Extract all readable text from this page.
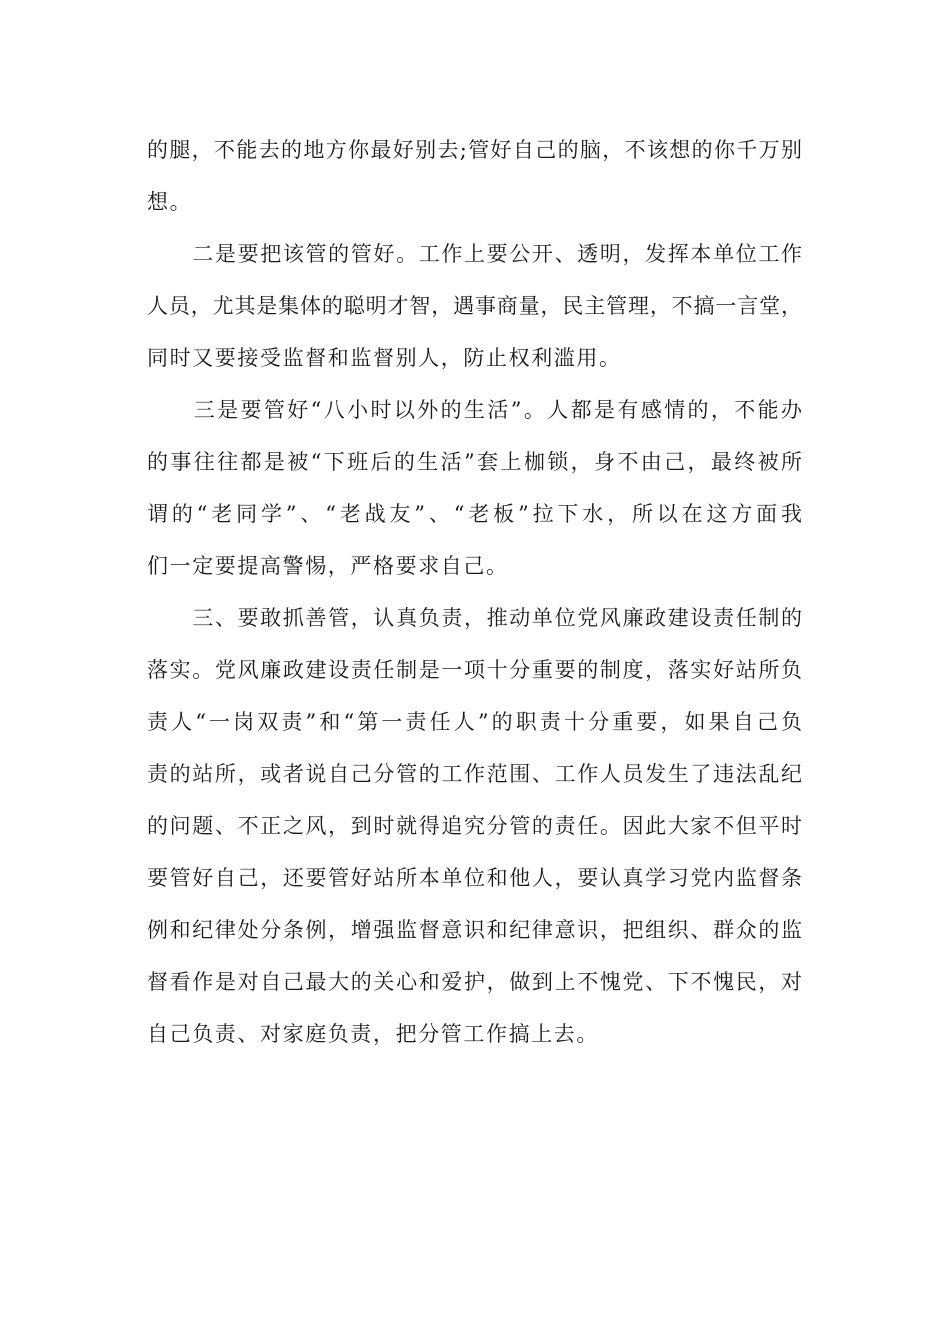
的腿，不能去的地方你最好别去;管好自己的脑，不该想的你千万别
想。
　　二是要把该管的管好。工作上要公开、透明，发挥本单位工作
人员，尤其是集体的聪明才智，遇事商量，民主管理，不搞一言堂，
同时又要接受监督和监督别人，防止权利滥用。
　　三是要管好“八小时以外的生活”。人都是有感情的，不能办
的事往往都是被“下班后的生活”套上枷锁，身不由己，最终被所
谓的“老同学”、“老战友”、“老板”拉下水，所以在这方面我
们一定要提高警惕，严格要求自己。
　　三、要敢抓善管，认真负责，推动单位党风廉政建设责任制的
落实。党风廉政建设责任制是一项十分重要的制度，落实好站所负
责人“一岗双责”和“第一责任人”的职责十分重要，如果自己负
责的站所，或者说自己分管的工作范围、工作人员发生了违法乱纪
的问题、不正之风，到时就得追究分管的责任。因此大家不但平时
要管好自己，还要管好站所本单位和他人，要认真学习党内监督条
例和纪律处分条例，增强监督意识和纪律意识，把组织、群众的监
督看作是对自己最大的关心和爱护，做到上不愧党、下不愧民，对
自己负责、对家庭负责，把分管工作搞上去。
